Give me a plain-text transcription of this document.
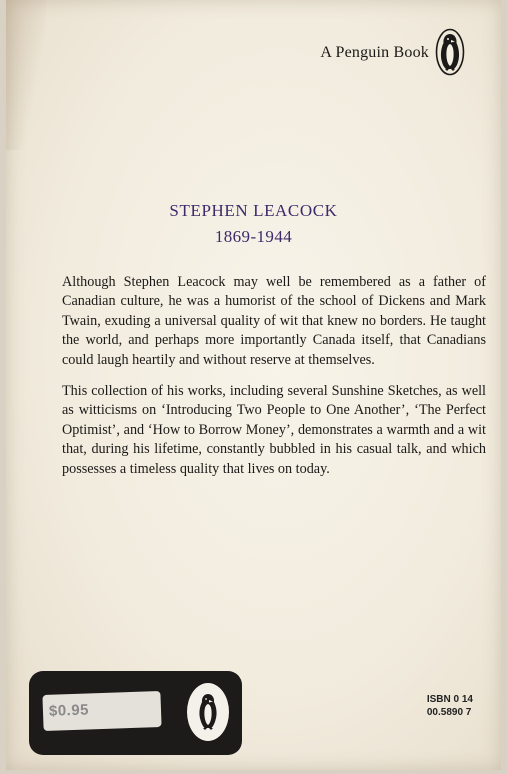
A Penguin Book
STEPHEN LEACOCK
1869-1944

Although Stephen Leacock may well be remembered as a father of Canadian culture, he was a humorist of the school of Dickens and Mark Twain, exuding a universal quality of wit that knew no borders. He taught the world, and perhaps more importantly Canada itself, that Canadians could laugh heartily and without reserve at themselves.

This collection of his works, including several Sunshine Sketches, as well as witticisms on ‘Introducing Two People to One Another’, ‘The Perfect Optimist’, and ‘How to Borrow Money’, demonstrates a warmth and a wit that, during his lifetime, constantly bubbled in his casual talk, and which possesses a timeless quality that lives on today.

$0.95
ISBN 0 14
00.5890 7
